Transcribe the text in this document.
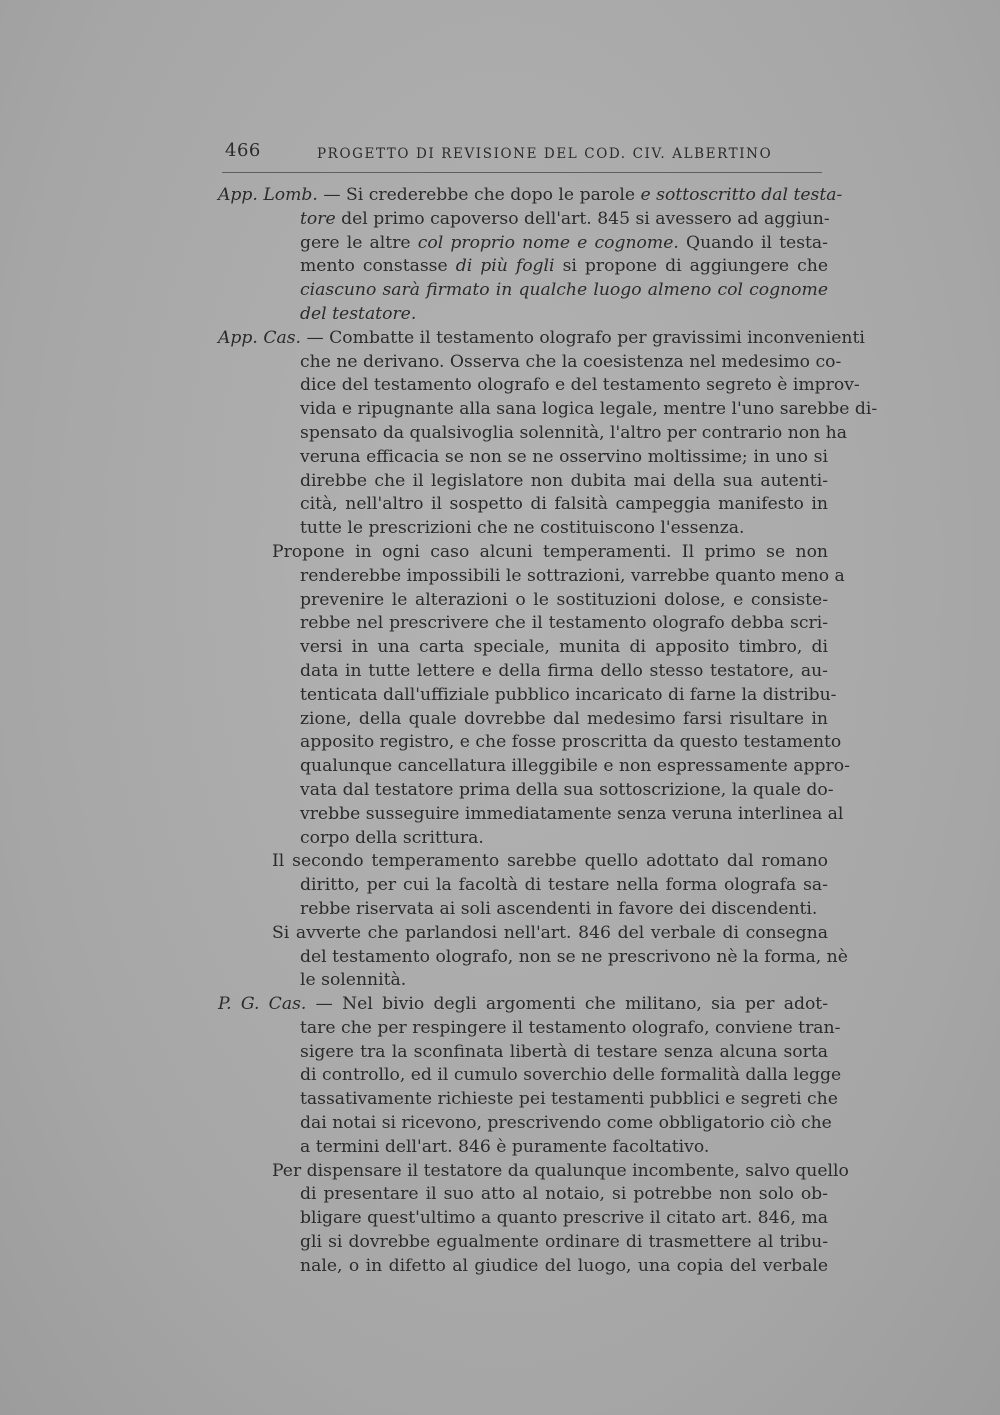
466	PROGETTO DI REVISIONE DEL COD. CIV. ALBERTINO
App. Lomb. — Si crederebbe che dopo le parole e sottoscritto dal testa-
tore del primo capoverso dell'art. 845 si avessero ad aggiun-
gere le altre col proprio nome e cognome. Quando il testa-
mento constasse di più fogli si propone di aggiungere che
ciascuno sarà firmato in qualche luogo almeno col cognome
del testatore.
App. Cas. — Combatte il testamento olografo per gravissimi inconvenienti
che ne derivano. Osserva che la coesistenza nel medesimo co-
dice del testamento olografo e del testamento segreto è improv-
vida e ripugnante alla sana logica legale, mentre l'uno sarebbe di-
spensato da qualsivoglia solennità, l'altro per contrario non ha
veruna efficacia se non se ne osservino moltissime; in uno si
direbbe che il legislatore non dubita mai della sua autenti-
cità, nell'altro il sospetto di falsità campeggia manifesto in
tutte le prescrizioni che ne costituiscono l'essenza.
Propone in ogni caso alcuni temperamenti. Il primo se non
renderebbe impossibili le sottrazioni, varrebbe quanto meno a
prevenire le alterazioni o le sostituzioni dolose, e consiste-
rebbe nel prescrivere che il testamento olografo debba scri-
versi in una carta speciale, munita di apposito timbro, di
data in tutte lettere e della firma dello stesso testatore, au-
tenticata dall'uffiziale pubblico incaricato di farne la distribu-
zione, della quale dovrebbe dal medesimo farsi risultare in
apposito registro, e che fosse proscritta da questo testamento
qualunque cancellatura illeggibile e non espressamente appro-
vata dal testatore prima della sua sottoscrizione, la quale do-
vrebbe susseguire immediatamente senza veruna interlinea al
corpo della scrittura.
Il secondo temperamento sarebbe quello adottato dal romano
diritto, per cui la facoltà di testare nella forma olografa sa-
rebbe riservata ai soli ascendenti in favore dei discendenti.
Si avverte che parlandosi nell'art. 846 del verbale di consegna
del testamento olografo, non se ne prescrivono nè la forma, nè
le solennità.
P. G. Cas. — Nel bivio degli argomenti che militano, sia per adot-
tare che per respingere il testamento olografo, conviene tran-
sigere tra la sconfinata libertà di testare senza alcuna sorta
di controllo, ed il cumulo soverchio delle formalità dalla legge
tassativamente richieste pei testamenti pubblici e segreti che
dai notai si ricevono, prescrivendo come obbligatorio ciò che
a termini dell'art. 846 è puramente facoltativo.
Per dispensare il testatore da qualunque incombente, salvo quello
di presentare il suo atto al notaio, si potrebbe non solo ob-
bligare quest'ultimo a quanto prescrive il citato art. 846, ma
gli si dovrebbe egualmente ordinare di trasmettere al tribu-
nale, o in difetto al giudice del luogo, una copia del verbale
